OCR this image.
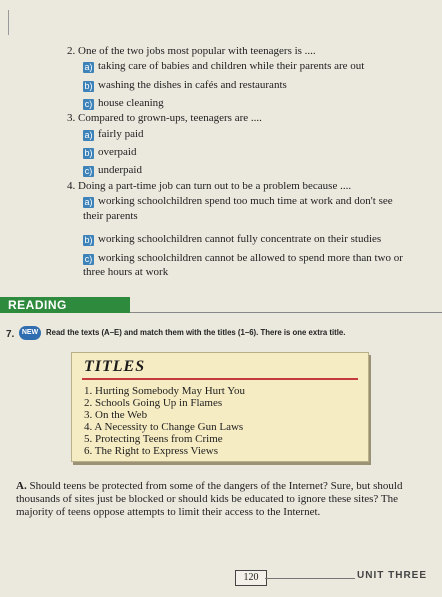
2. One of the two jobs most popular with teenagers is ....
a) taking care of babies and children while their parents are out
b) washing the dishes in cafés and restaurants
c) house cleaning
3. Compared to grown-ups, teenagers are ....
a) fairly paid
b) overpaid
c) underpaid
4. Doing a part-time job can turn out to be a problem because ....
a) working schoolchildren spend too much time at work and don't see
their parents
b) working schoolchildren cannot fully concentrate on their studies
c) working schoolchildren cannot be allowed to spend more than two or
three hours at work
READING
7.	NEW	Read the texts (A–E) and match them with the titles (1–6). There is one extra title.
TITLES
1. Hurting Somebody May Hurt You
2. Schools Going Up in Flames
3. On the Web
4. A Necessity to Change Gun Laws
5. Protecting Teens from Crime
6. The Right to Express Views
A. Should teens be protected from some of the dangers of the Internet? Sure, but should thousands of sites just be blocked or should kids be educated to ignore these sites? The majority of teens oppose attempts to limit their access to the Internet.
120	UNIT THREE
